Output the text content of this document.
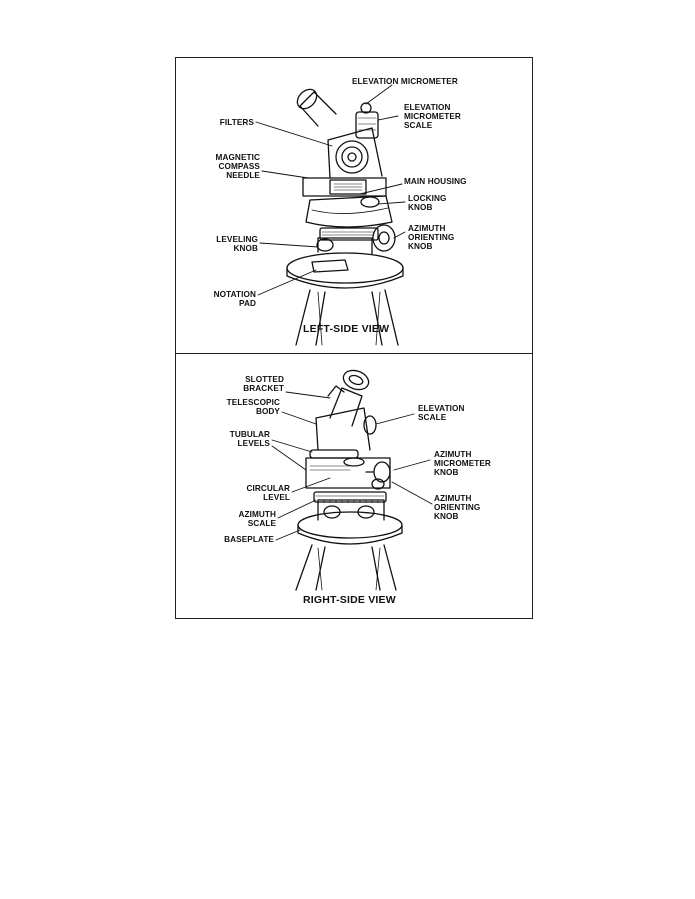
ELEVATION MICROMETER
ELEVATION
MICROMETER
SCALE
FILTERS
MAGNETIC
COMPASS
NEEDLE
MAIN HOUSING
LOCKING
KNOB
AZIMUTH
ORIENTING
KNOB
LEVELING
KNOB
NOTATION
PAD
LEFT-SIDE VIEW
SLOTTED
BRACKET
TELESCOPIC
BODY	ELEVATION
SCALE
TUBULAR
LEVELS
AZIMUTH
MICROMETER
KNOB
CIRCULAR
LEVEL	AZIMUTH
ORIENTING
KNOB
AZIMUTH
SCALE
BASEPLATE
RIGHT-SIDE VIEW
